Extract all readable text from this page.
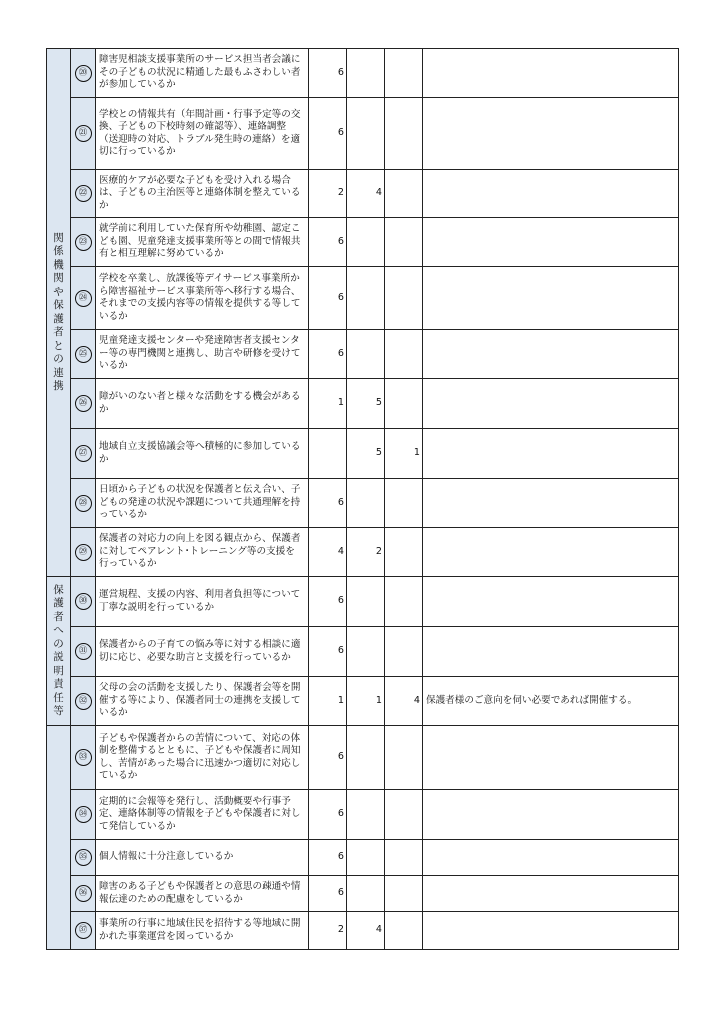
関係機関や保護者との連携	⑳	障害児相談支援事業所のサービス担当者会議にその子どもの状況に精通した最もふさわしい者が参加しているか	6			
	㉑	学校との情報共有（年間計画・行事予定等の交換、子どもの下校時刻の確認等）、連絡調整（送迎時の対応、トラブル発生時の連絡）を適切に行っているか	6			
	㉒	医療的ケアが必要な子どもを受け入れる場合は、子どもの主治医等と連絡体制を整えているか	2	4		
	㉓	就学前に利用していた保育所や幼稚園、認定こども園、児童発達支援事業所等との間で情報共有と相互理解に努めているか	6			
	㉔	学校を卒業し、放課後等デイサービス事業所から障害福祉サービス事業所等へ移行する場合、それまでの支援内容等の情報を提供する等しているか	6			
	㉕	児童発達支援センターや発達障害者支援センター等の専門機関と連携し、助言や研修を受けているか	6			
	㉖	障がいのない者と様々な活動をする機会があるか	1	5		
	㉗	地域自立支援協議会等へ積極的に参加しているか		5	1	
	㉘	日頃から子どもの状況を保護者と伝え合い、子どもの発達の状況や課題について共通理解を持っているか	6			
	㉙	保護者の対応力の向上を図る観点から、保護者に対してペアレント･トレーニング等の支援を行っているか	4	2		

保護者への説明責任等	㉚	運営規程、支援の内容、利用者負担等について丁寧な説明を行っているか	6			
	㉛	保護者からの子育ての悩み等に対する相談に適切に応じ、必要な助言と支援を行っているか	6			
	㉜	父母の会の活動を支援したり、保護者会等を開催する等により、保護者同士の連携を支援しているか	1	1	4	保護者様のご意向を伺い必要であれば開催する。

	㉝	子どもや保護者からの苦情について、対応の体制を整備するとともに、子どもや保護者に周知し、苦情があった場合に迅速かつ適切に対応しているか	6			
	㉞	定期的に会報等を発行し、活動概要や行事予定、連絡体制等の情報を子どもや保護者に対して発信しているか	6			
	㉟	個人情報に十分注意しているか	6			
	㊱	障害のある子どもや保護者との意思の疎通や情報伝達のための配慮をしているか	6			
	㊲	事業所の行事に地域住民を招待する等地域に開かれた事業運営を図っているか	2	4		
